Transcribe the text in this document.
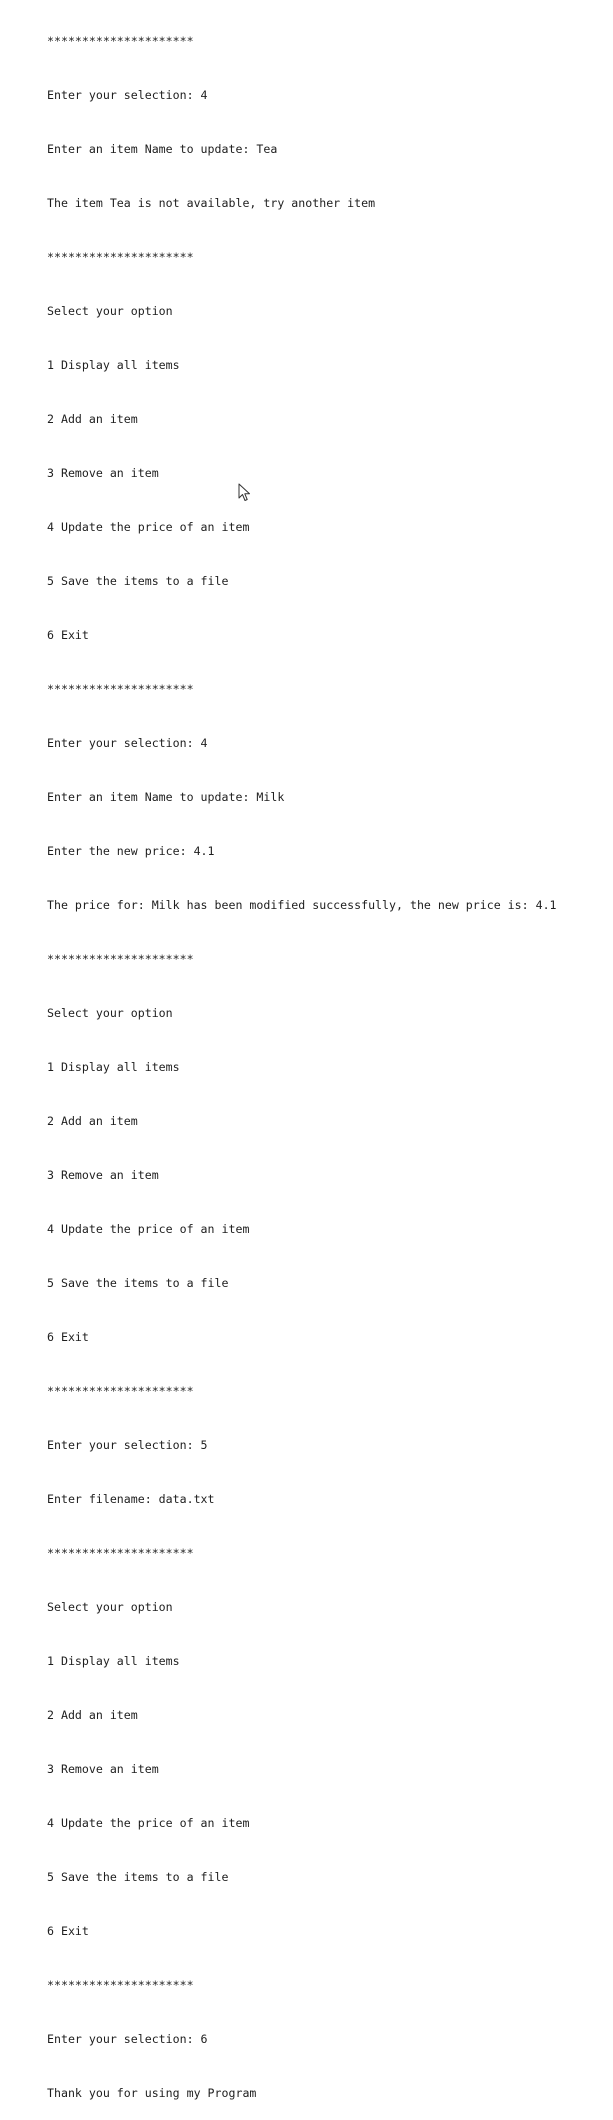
*********************

Enter your selection: 4

Enter an item Name to update: Tea

The item Tea is not available, try another item

*********************

Select your option

1 Display all items

2 Add an item

3 Remove an item

4 Update the price of an item

5 Save the items to a file

6 Exit

*********************

Enter your selection: 4

Enter an item Name to update: Milk

Enter the new price: 4.1

The price for: Milk has been modified successfully, the new price is: 4.1

*********************

Select your option

1 Display all items

2 Add an item

3 Remove an item

4 Update the price of an item

5 Save the items to a file

6 Exit

*********************

Enter your selection: 5

Enter filename: data.txt

*********************

Select your option

1 Display all items

2 Add an item

3 Remove an item

4 Update the price of an item

5 Save the items to a file

6 Exit

*********************

Enter your selection: 6

Thank you for using my Program
